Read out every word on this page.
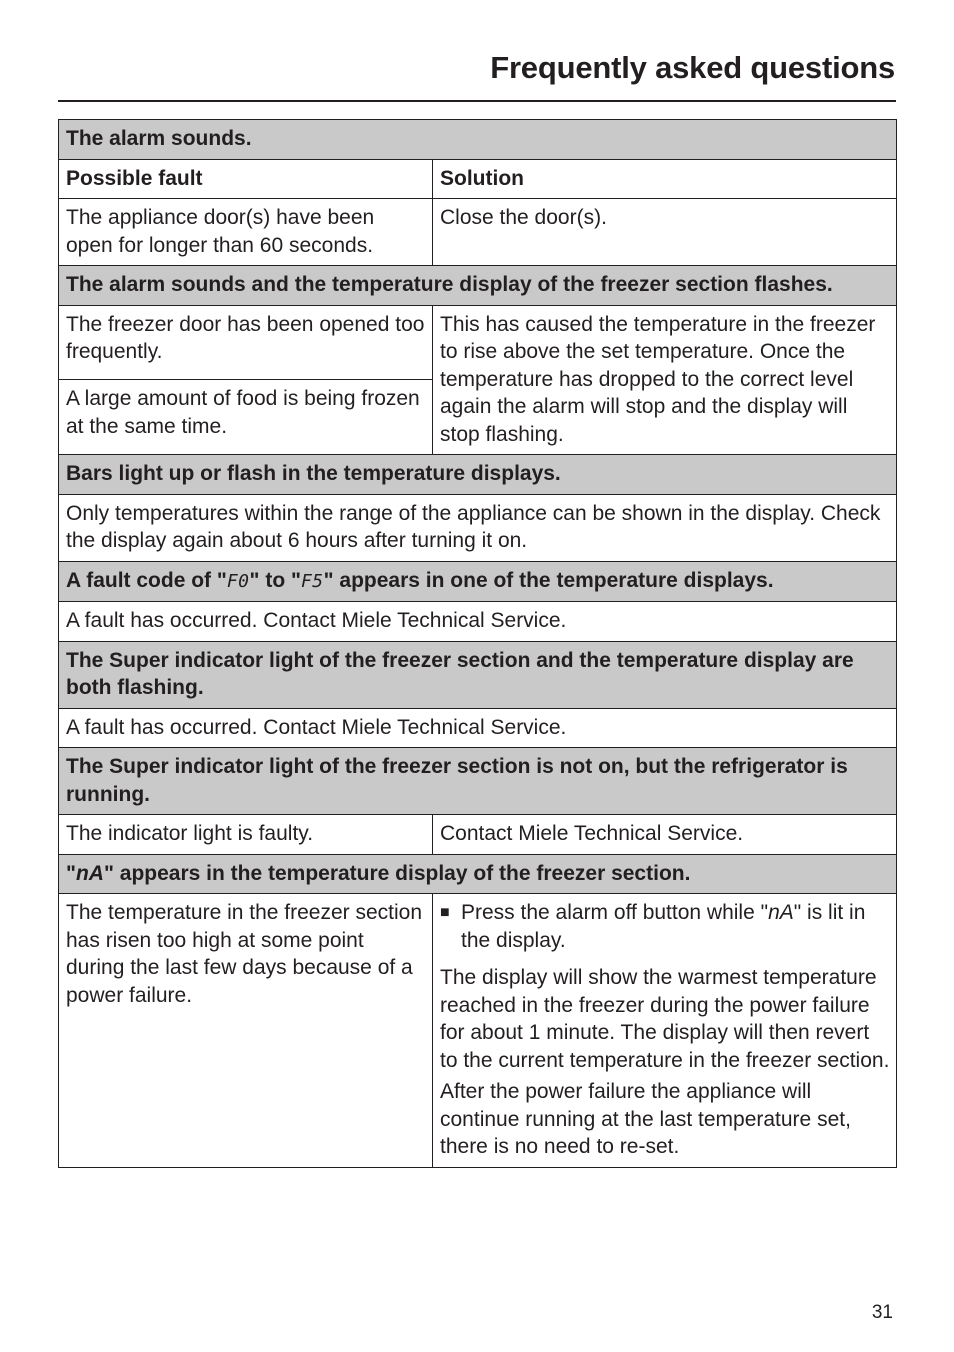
Frequently asked questions
The alarm sounds.	
Possible fault	Solution
The appliance door(s) have been open for longer than 60 seconds.	Close the door(s).
The alarm sounds and the temperature display of the freezer section flashes.	
The freezer door has been opened too frequently.	This has caused the temperature in the freezer to rise above the set temperature. Once the temperature has dropped to the correct level again the alarm will stop and the display will stop flashing.
A large amount of food is being frozen at the same time.	
Bars light up or flash in the temperature displays.	
Only temperatures within the range of the appliance can be shown in the display. Check the display again about 6 hours after turning it on.	
A fault code of "F0" to "F5" appears in one of the temperature displays.	
A fault has occurred. Contact Miele Technical Service.	
The Super indicator light of the freezer section and the temperature display are both flashing.	
A fault has occurred. Contact Miele Technical Service.	
The Super indicator light of the freezer section is not on, but the refrigerator is running.	
The indicator light is faulty.	Contact Miele Technical Service.
"nA" appears in the temperature display of the freezer section.	
The temperature in the freezer section has risen too high at some point during the last few days because of a power failure.	■ Press the alarm off button while "nA" is lit in the display.
The display will show the warmest temperature reached in the freezer during the power failure for about 1 minute. The display will then revert to the current temperature in the freezer section.
After the power failure the appliance will continue running at the last temperature set, there is no need to re-set.
31
